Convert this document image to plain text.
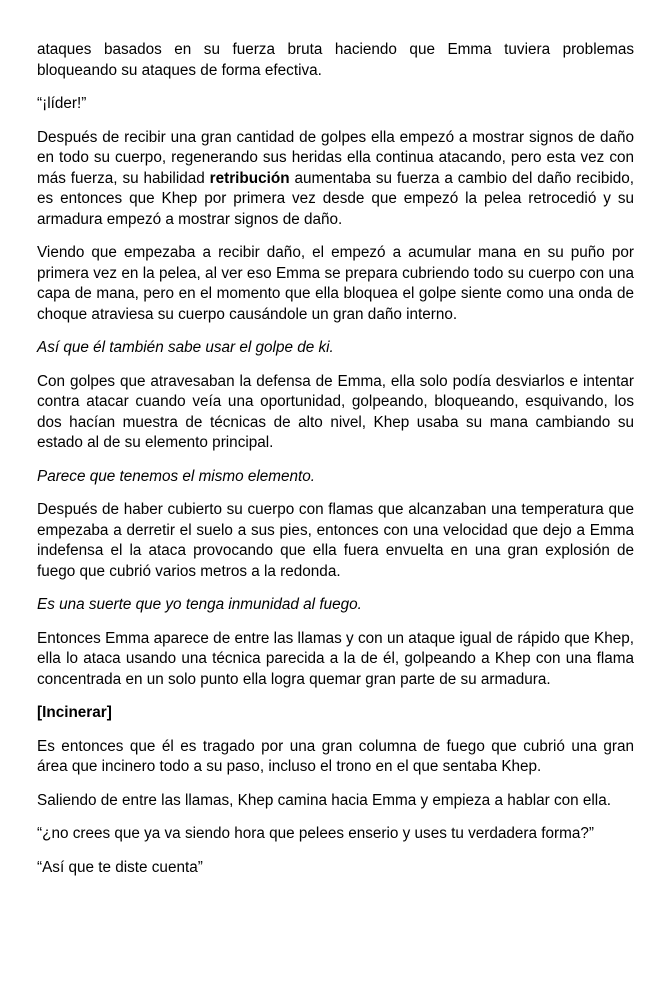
ataques basados en su fuerza bruta haciendo que Emma tuviera problemas bloqueando su ataques de forma efectiva.

“¡líder!”

Después de recibir una gran cantidad de golpes ella empezó a mostrar signos de daño en todo su cuerpo, regenerando sus heridas ella continua atacando, pero esta vez con más fuerza, su habilidad retribución aumentaba su fuerza a cambio del daño recibido, es entonces que Khep por primera vez desde que empezó la pelea retrocedió y su armadura empezó a mostrar signos de daño.

Viendo que empezaba a recibir daño, el empezó a acumular mana en su puño por primera vez en la pelea, al ver eso Emma se prepara cubriendo todo su cuerpo con una capa de mana, pero en el momento que ella bloquea el golpe siente como una onda de choque atraviesa su cuerpo causándole un gran daño interno.

Así que él también sabe usar el golpe de ki.

Con golpes que atravesaban la defensa de Emma, ella solo podía desviarlos e intentar contra atacar cuando veía una oportunidad, golpeando, bloqueando, esquivando, los dos hacían muestra de técnicas de alto nivel, Khep usaba su mana cambiando su estado al de su elemento principal.

Parece que tenemos el mismo elemento.

Después de haber cubierto su cuerpo con flamas que alcanzaban una temperatura que empezaba a derretir el suelo a sus pies, entonces con una velocidad que dejo a Emma indefensa el la ataca provocando que ella fuera envuelta en una gran explosión de fuego que cubrió varios metros a la redonda.

Es una suerte que yo tenga inmunidad al fuego.

Entonces Emma aparece de entre las llamas y con un ataque igual de rápido que Khep, ella lo ataca usando una técnica parecida a la de él, golpeando a Khep con una flama concentrada en un solo punto ella logra quemar gran parte de su armadura.

[Incinerar]

Es entonces que él es tragado por una gran columna de fuego que cubrió una gran área que incinero todo a su paso, incluso el trono en el que sentaba Khep.

Saliendo de entre las llamas, Khep camina hacia Emma y empieza a hablar con ella.

“¿no crees que ya va siendo hora que pelees enserio y uses tu verdadera forma?”

“Así que te diste cuenta”
